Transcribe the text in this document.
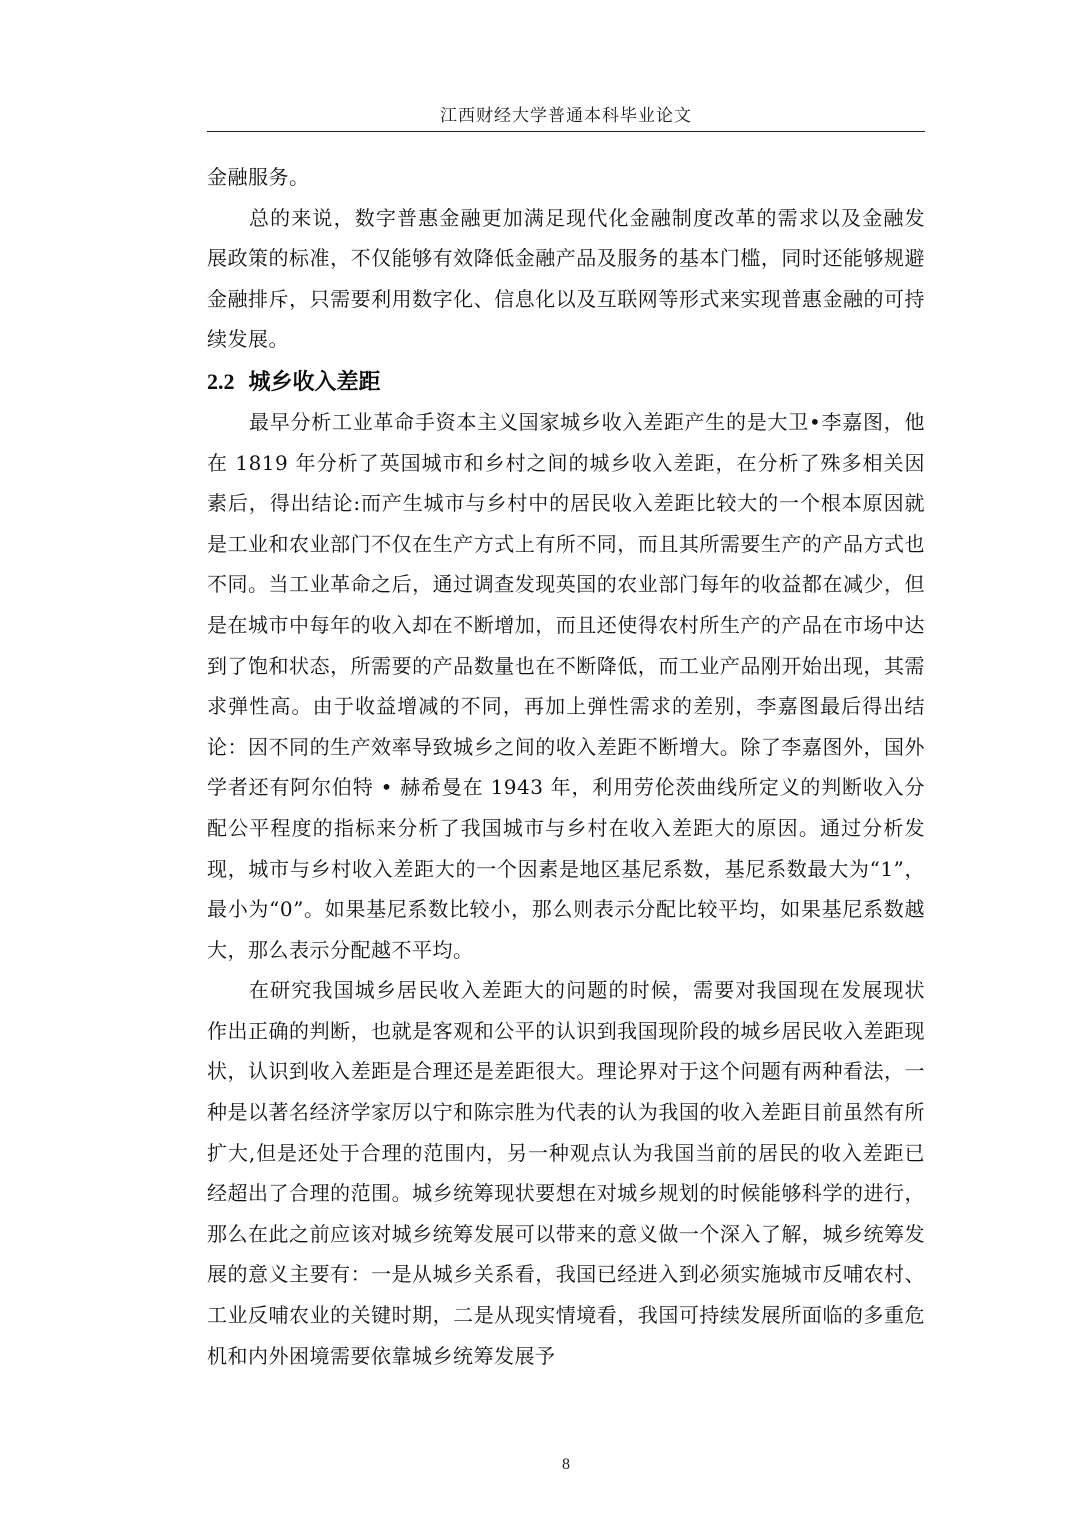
江西财经大学普通本科毕业论文

金融服务。

总的来说，数字普惠金融更加满足现代化金融制度改革的需求以及金融发展政策的标准，不仅能够有效降低金融产品及服务的基本门槛，同时还能够规避金融排斥，只需要利用数字化、信息化以及互联网等形式来实现普惠金融的可持续发展。

2.2 城乡收入差距

最早分析工业革命手资本主义国家城乡收入差距产生的是大卫•李嘉图，他在 1819 年分析了英国城市和乡村之间的城乡收入差距，在分析了殊多相关因素后，得出结论:而产生城市与乡村中的居民收入差距比较大的一个根本原因就是工业和农业部门不仅在生产方式上有所不同，而且其所需要生产的产品方式也不同。当工业革命之后，通过调查发现英国的农业部门每年的收益都在减少，但是在城市中每年的收入却在不断增加，而且还使得农村所生产的产品在市场中达到了饱和状态，所需要的产品数量也在不断降低，而工业产品刚开始出现，其需求弹性高。由于收益增减的不同，再加上弹性需求的差别，李嘉图最后得出结论：因不同的生产效率导致城乡之间的收入差距不断增大。除了李嘉图外，国外学者还有阿尔伯特 • 赫希曼在 1943 年，利用劳伦茨曲线所定义的判断收入分配公平程度的指标来分析了我国城市与乡村在收入差距大的原因。通过分析发现，城市与乡村收入差距大的一个因素是地区基尼系数，基尼系数最大为“1”，最小为“0”。如果基尼系数比较小，那么则表示分配比较平均，如果基尼系数越大，那么表示分配越不平均。

在研究我国城乡居民收入差距大的问题的时候，需要对我国现在发展现状作出正确的判断，也就是客观和公平的认识到我国现阶段的城乡居民收入差距现状，认识到收入差距是合理还是差距很大。理论界对于这个问题有两种看法，一种是以著名经济学家厉以宁和陈宗胜为代表的认为我国的收入差距目前虽然有所扩大,但是还处于合理的范围内，另一种观点认为我国当前的居民的收入差距已经超出了合理的范围。城乡统筹现状要想在对城乡规划的时候能够科学的进行，那么在此之前应该对城乡统筹发展可以带来的意义做一个深入了解，城乡统筹发展的意义主要有：一是从城乡关系看，我国已经进入到必须实施城市反哺农村、工业反哺农业的关键时期，二是从现实情境看，我国可持续发展所面临的多重危机和内外困境需要依靠城乡统筹发展予

8
